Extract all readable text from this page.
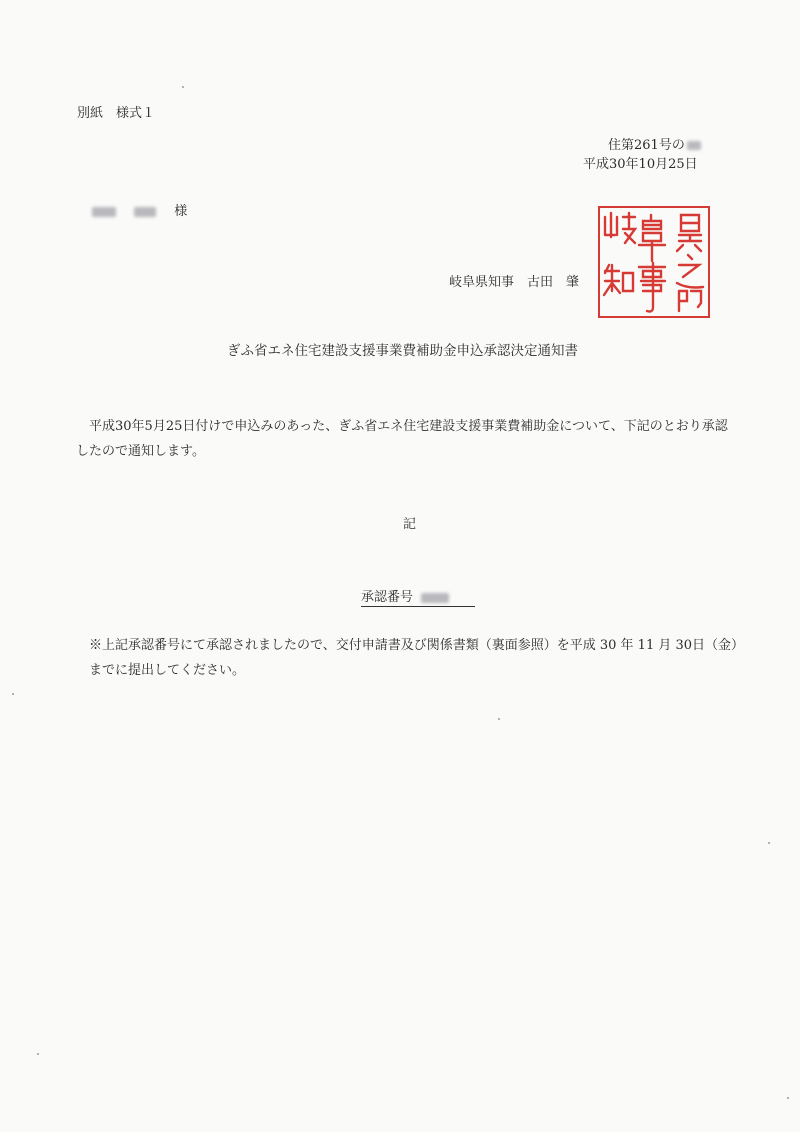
別紙　様式１
住第261号の
平成30年10月25日
様
岐阜県知事　古田　肇
ぎふ省エネ住宅建設支援事業費補助金申込承認決定通知書
平成30年5月25日付けで申込みのあった、ぎふ省エネ住宅建設支援事業費補助金について、下記のとおり承認したので通知します。
記
承認番号
※上記承認番号にて承認されましたので、交付申請書及び関係書類（裏面参照）を平成 30 年 11 月 30日（金）までに提出してください。
